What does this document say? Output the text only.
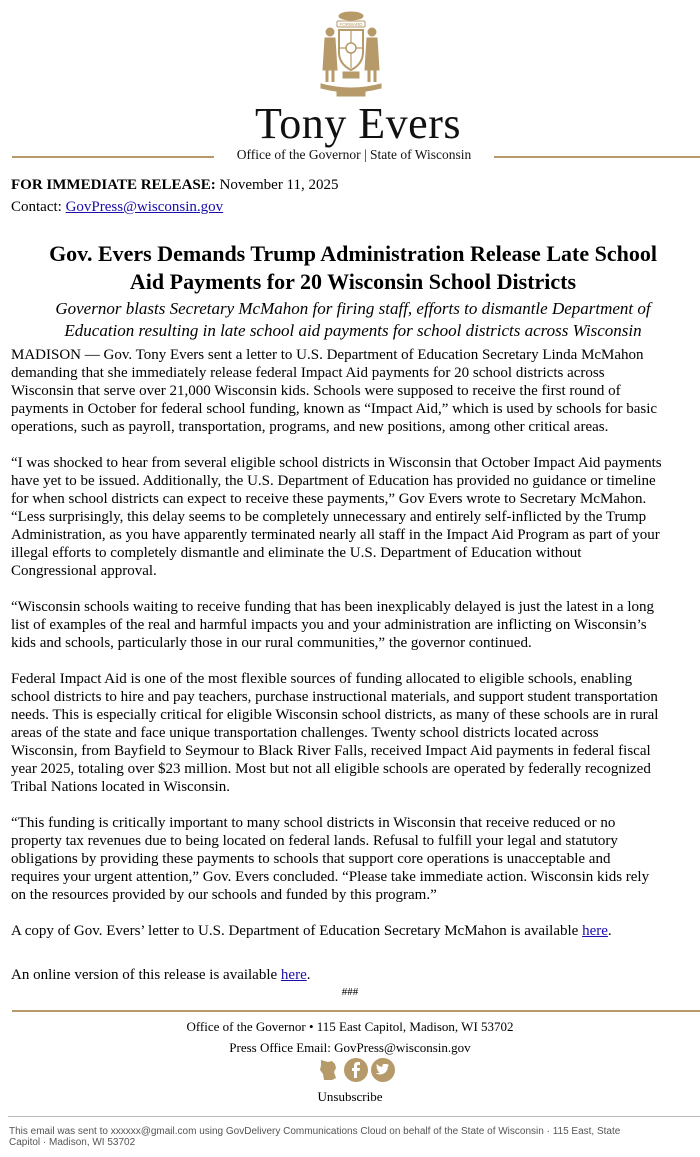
FORWARD
Tony Evers
Office of the Governor | State of Wisconsin
FOR IMMEDIATE RELEASE: November 11, 2025
Contact: GovPress@wisconsin.gov
Gov. Evers Demands Trump Administration Release Late School
Aid Payments for 20 Wisconsin School Districts
Governor blasts Secretary McMahon for firing staff, efforts to dismantle Department of
Education resulting in late school aid payments for school districts across Wisconsin

MADISON — Gov. Tony Evers sent a letter to U.S. Department of Education Secretary Linda McMahon
demanding that she immediately release federal Impact Aid payments for 20 school districts across
Wisconsin that serve over 21,000 Wisconsin kids. Schools were supposed to receive the first round of
payments in October for federal school funding, known as “Impact Aid,” which is used by schools for basic
operations, such as payroll, transportation, programs, and new positions, among other critical areas.

“I was shocked to hear from several eligible school districts in Wisconsin that October Impact Aid payments
have yet to be issued. Additionally, the U.S. Department of Education has provided no guidance or timeline
for when school districts can expect to receive these payments,” Gov Evers wrote to Secretary McMahon.
“Less surprisingly, this delay seems to be completely unnecessary and entirely self-inflicted by the Trump
Administration, as you have apparently terminated nearly all staff in the Impact Aid Program as part of your
illegal efforts to completely dismantle and eliminate the U.S. Department of Education without
Congressional approval.

“Wisconsin schools waiting to receive funding that has been inexplicably delayed is just the latest in a long
list of examples of the real and harmful impacts you and your administration are inflicting on Wisconsin’s
kids and schools, particularly those in our rural communities,” the governor continued.

Federal Impact Aid is one of the most flexible sources of funding allocated to eligible schools, enabling
school districts to hire and pay teachers, purchase instructional materials, and support student transportation
needs. This is especially critical for eligible Wisconsin school districts, as many of these schools are in rural
areas of the state and face unique transportation challenges. Twenty school districts located across
Wisconsin, from Bayfield to Seymour to Black River Falls, received Impact Aid payments in federal fiscal
year 2025, totaling over $23 million. Most but not all eligible schools are operated by federally recognized
Tribal Nations located in Wisconsin.

“This funding is critically important to many school districts in Wisconsin that receive reduced or no
property tax revenues due to being located on federal lands. Refusal to fulfill your legal and statutory
obligations by providing these payments to schools that support core operations is unacceptable and
requires your urgent attention,” Gov. Evers concluded. “Please take immediate action. Wisconsin kids rely
on the resources provided by our schools and funded by this program.”

A copy of Gov. Evers’ letter to U.S. Department of Education Secretary McMahon is available here.

An online version of this release is available here.

###
Office of the Governor • 115 East Capitol, Madison, WI 53702
Press Office Email: GovPress@wisconsin.gov
Unsubscribe
This email was sent to xxxxxx@gmail.com using GovDelivery Communications Cloud on behalf of the State of Wisconsin · 115 East, State Capitol · Madison, WI 53702
